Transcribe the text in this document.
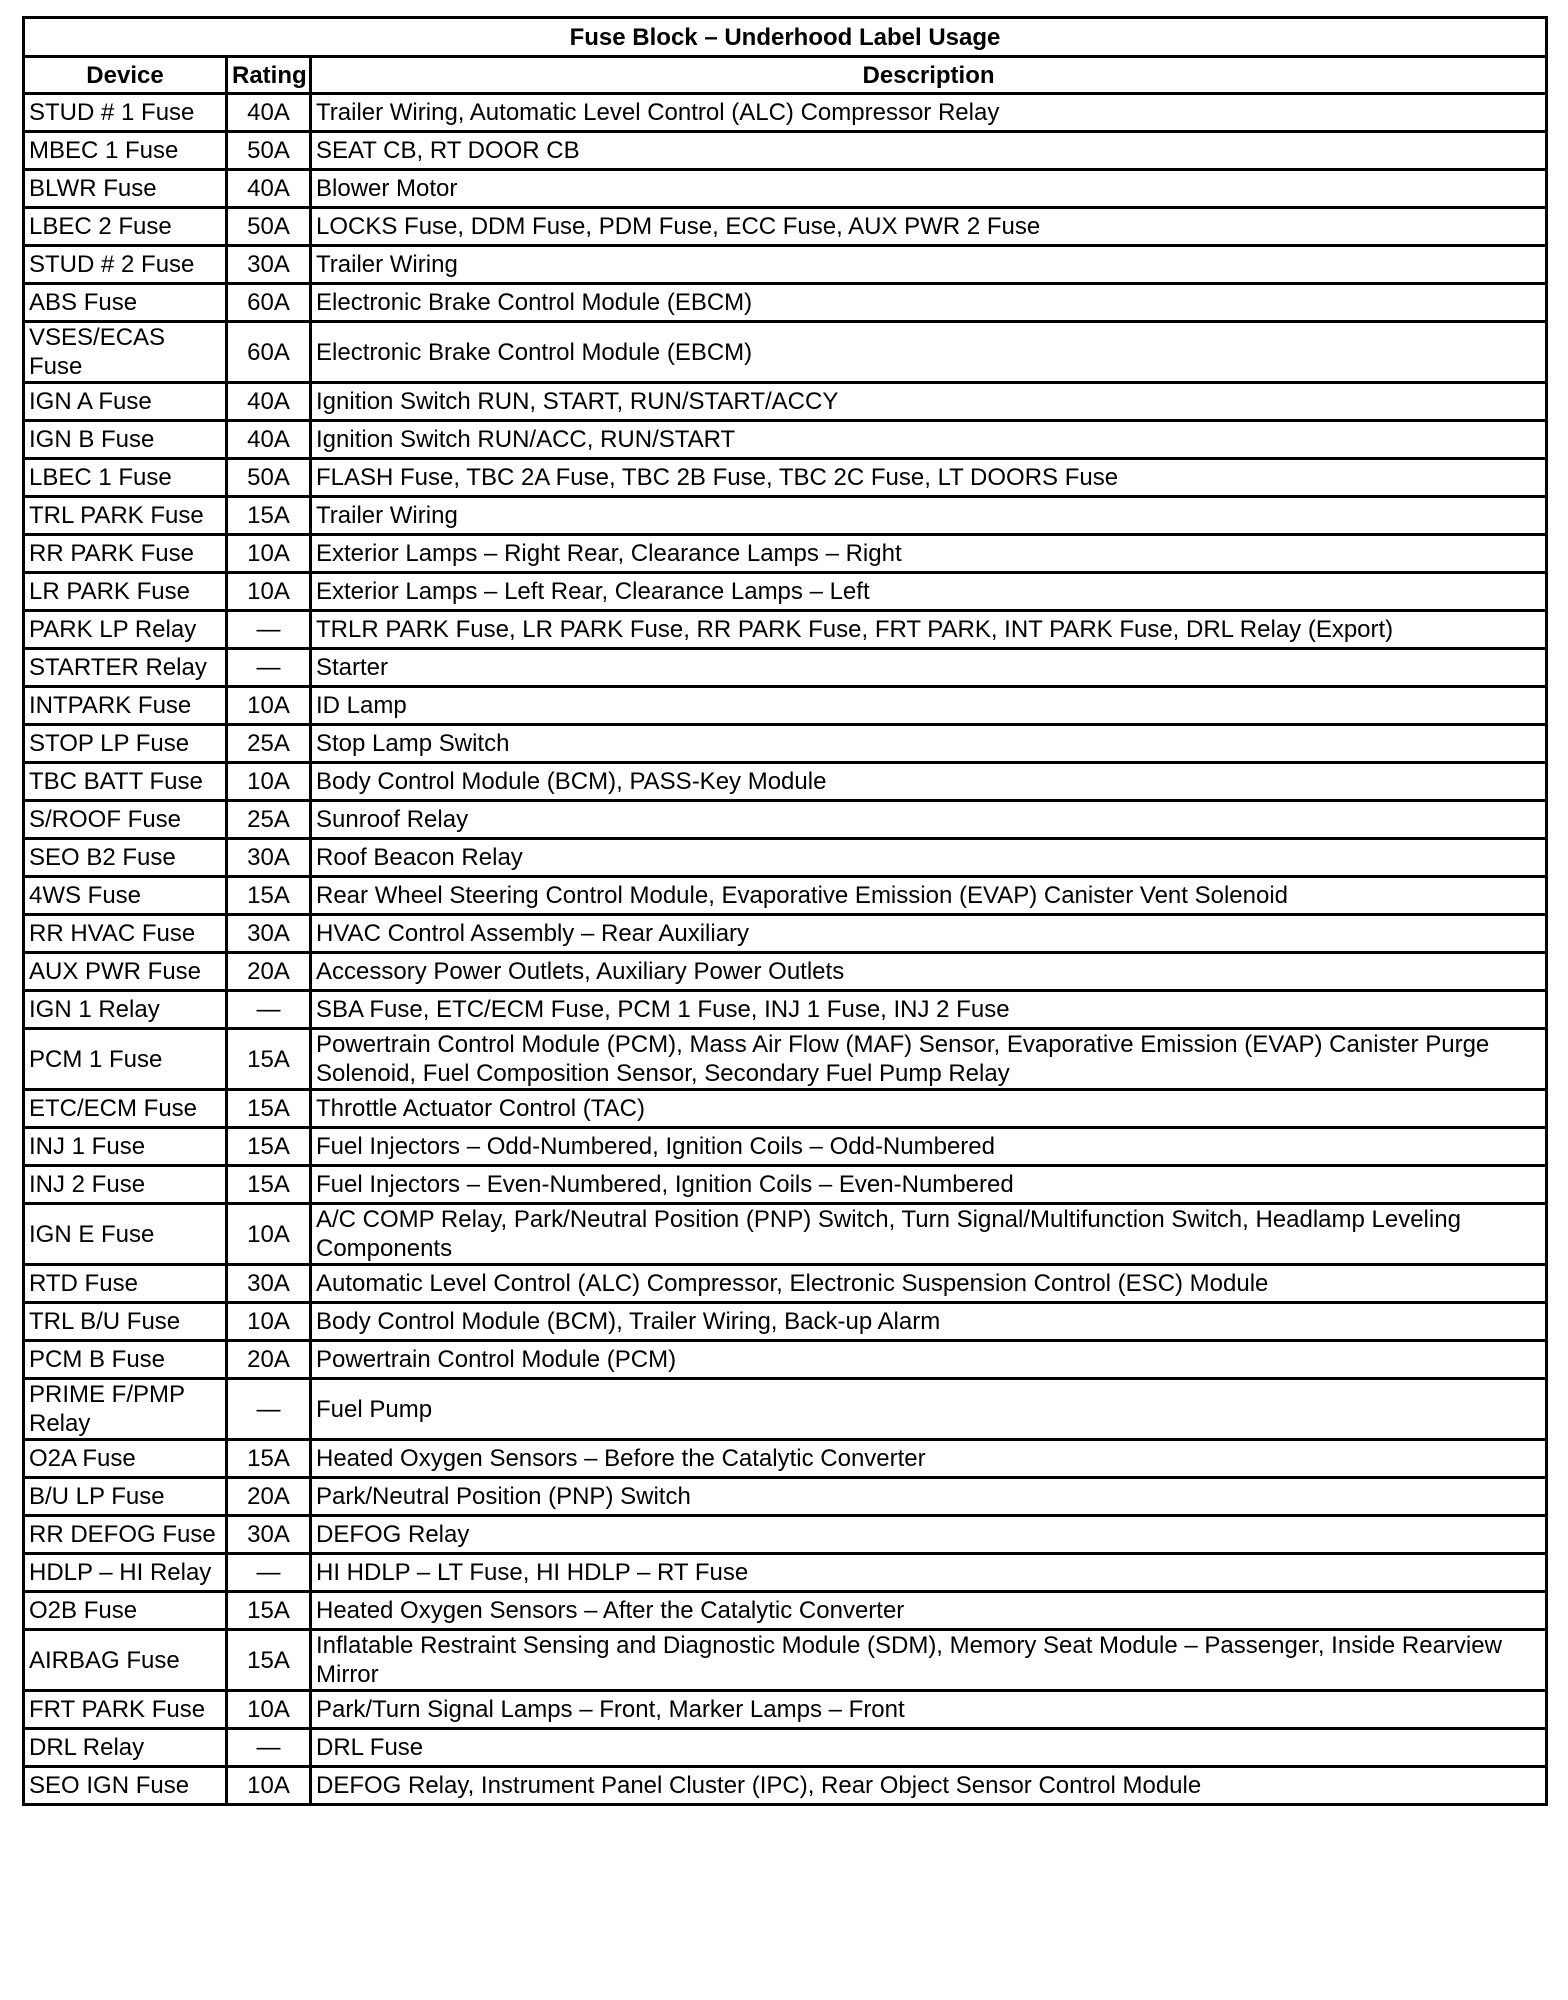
Fuse Block – Underhood Label Usage		
Device	Rating	Description
STUD # 1 Fuse	40A	Trailer Wiring, Automatic Level Control (ALC) Compressor Relay
MBEC 1 Fuse	50A	SEAT CB, RT DOOR CB
BLWR Fuse	40A	Blower Motor
LBEC 2 Fuse	50A	LOCKS Fuse, DDM Fuse, PDM Fuse, ECC Fuse, AUX PWR 2 Fuse
STUD # 2 Fuse	30A	Trailer Wiring
ABS Fuse	60A	Electronic Brake Control Module (EBCM)
VSES/ECAS Fuse	60A	Electronic Brake Control Module (EBCM)
IGN A Fuse	40A	Ignition Switch RUN, START, RUN/START/ACCY
IGN B Fuse	40A	Ignition Switch RUN/ACC, RUN/START
LBEC 1 Fuse	50A	FLASH Fuse, TBC 2A Fuse, TBC 2B Fuse, TBC 2C Fuse, LT DOORS Fuse
TRL PARK Fuse	15A	Trailer Wiring
RR PARK Fuse	10A	Exterior Lamps – Right Rear, Clearance Lamps – Right
LR PARK Fuse	10A	Exterior Lamps – Left Rear, Clearance Lamps – Left
PARK LP Relay	—	TRLR PARK Fuse, LR PARK Fuse, RR PARK Fuse, FRT PARK, INT PARK Fuse, DRL Relay (Export)
STARTER Relay	—	Starter
INTPARK Fuse	10A	ID Lamp
STOP LP Fuse	25A	Stop Lamp Switch
TBC BATT Fuse	10A	Body Control Module (BCM), PASS-Key Module
S/ROOF Fuse	25A	Sunroof Relay
SEO B2 Fuse	30A	Roof Beacon Relay
4WS Fuse	15A	Rear Wheel Steering Control Module, Evaporative Emission (EVAP) Canister Vent Solenoid
RR HVAC Fuse	30A	HVAC Control Assembly – Rear Auxiliary
AUX PWR Fuse	20A	Accessory Power Outlets, Auxiliary Power Outlets
IGN 1 Relay	—	SBA Fuse, ETC/ECM Fuse, PCM 1 Fuse, INJ 1 Fuse, INJ 2 Fuse
PCM 1 Fuse	15A	Powertrain Control Module (PCM), Mass Air Flow (MAF) Sensor, Evaporative Emission (EVAP) Canister Purge Solenoid, Fuel Composition Sensor, Secondary Fuel Pump Relay
ETC/ECM Fuse	15A	Throttle Actuator Control (TAC)
INJ 1 Fuse	15A	Fuel Injectors – Odd-Numbered, Ignition Coils – Odd-Numbered
INJ 2 Fuse	15A	Fuel Injectors – Even-Numbered, Ignition Coils – Even-Numbered
IGN E Fuse	10A	A/C COMP Relay, Park/Neutral Position (PNP) Switch, Turn Signal/Multifunction Switch, Headlamp Leveling Components
RTD Fuse	30A	Automatic Level Control (ALC) Compressor, Electronic Suspension Control (ESC) Module
TRL B/U Fuse	10A	Body Control Module (BCM), Trailer Wiring, Back-up Alarm
PCM B Fuse	20A	Powertrain Control Module (PCM)
PRIME F/PMP Relay	—	Fuel Pump
O2A Fuse	15A	Heated Oxygen Sensors – Before the Catalytic Converter
B/U LP Fuse	20A	Park/Neutral Position (PNP) Switch
RR DEFOG Fuse	30A	DEFOG Relay
HDLP – HI Relay	—	HI HDLP – LT Fuse, HI HDLP – RT Fuse
O2B Fuse	15A	Heated Oxygen Sensors – After the Catalytic Converter
AIRBAG Fuse	15A	Inflatable Restraint Sensing and Diagnostic Module (SDM), Memory Seat Module – Passenger, Inside Rearview Mirror
FRT PARK Fuse	10A	Park/Turn Signal Lamps – Front, Marker Lamps – Front
DRL Relay	—	DRL Fuse
SEO IGN Fuse	10A	DEFOG Relay, Instrument Panel Cluster (IPC), Rear Object Sensor Control Module
